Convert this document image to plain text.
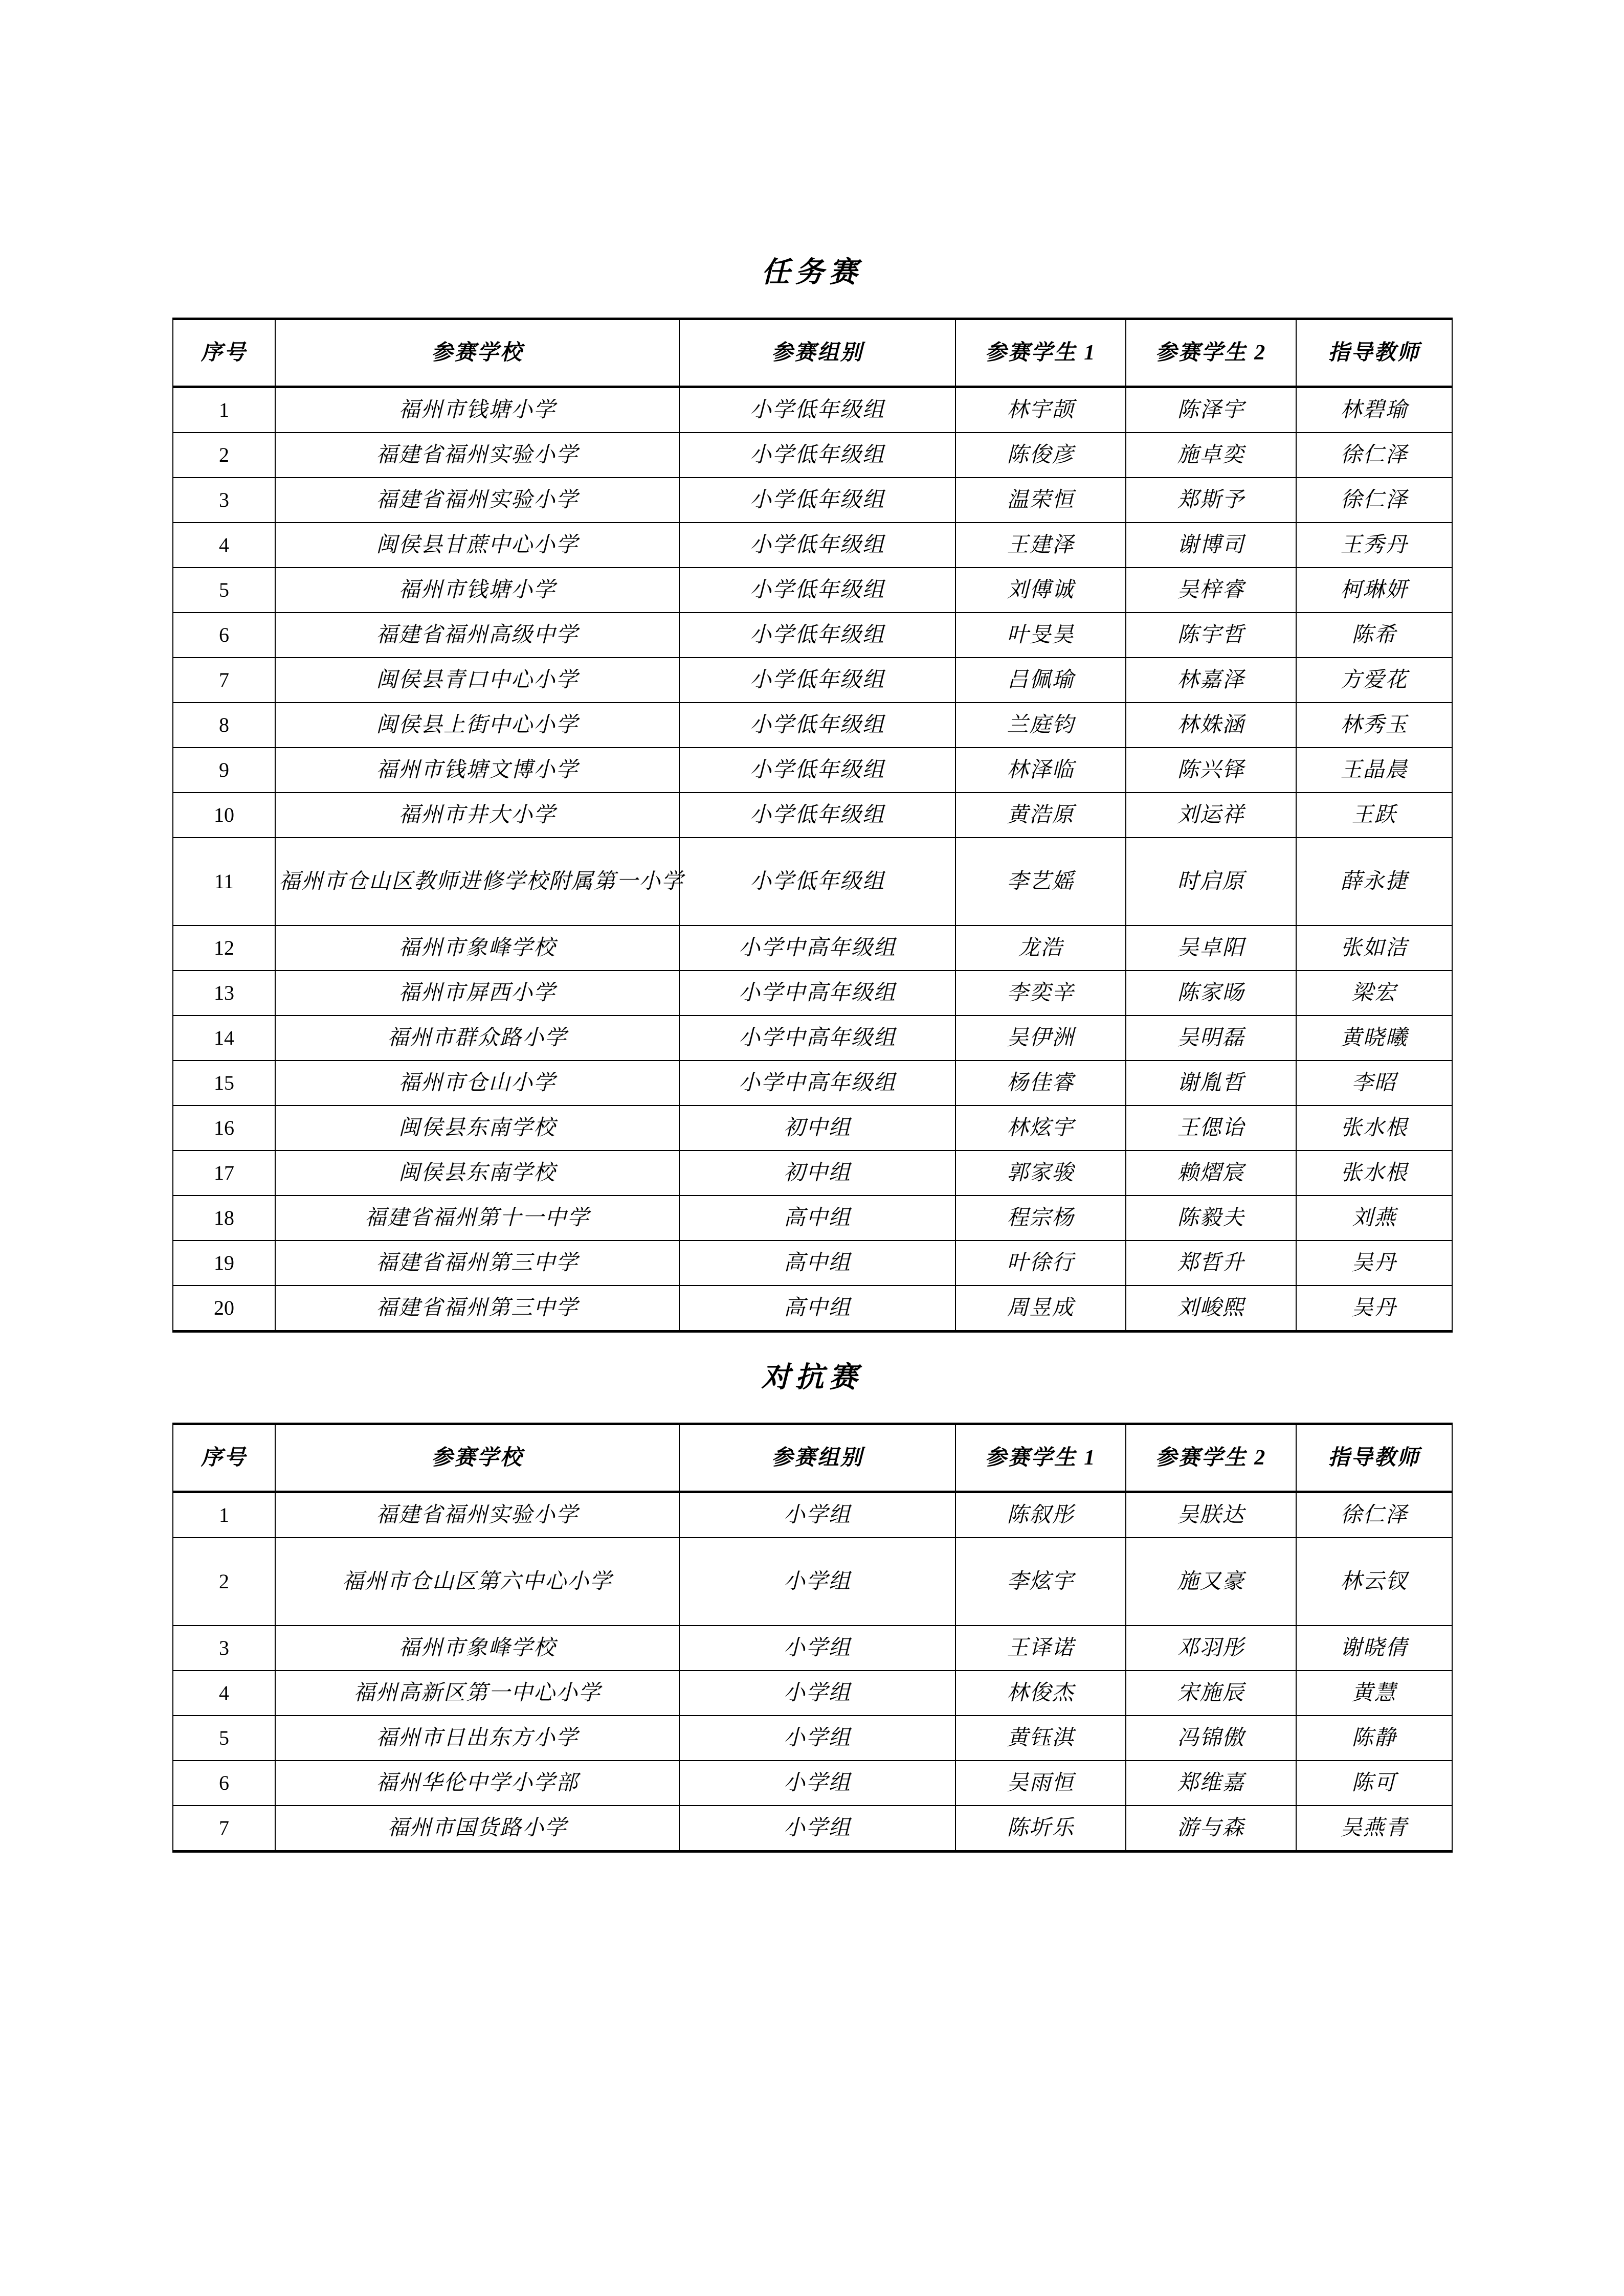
任务赛
序号	参赛学校	参赛组别	参赛学生 1	参赛学生 2	指导教师
1	福州市钱塘小学	小学低年级组	林宇颉	陈泽宇	林碧瑜
2	福建省福州实验小学	小学低年级组	陈俊彦	施卓奕	徐仁泽
3	福建省福州实验小学	小学低年级组	温荣恒	郑斯予	徐仁泽
4	闽侯县甘蔗中心小学	小学低年级组	王建泽	谢博司	王秀丹
5	福州市钱塘小学	小学低年级组	刘傅诚	吴梓睿	柯琳妍
6	福建省福州高级中学	小学低年级组	叶旻昊	陈宇哲	陈希
7	闽侯县青口中心小学	小学低年级组	吕佩瑜	林嘉泽	方爱花
8	闽侯县上街中心小学	小学低年级组	兰庭钧	林姝涵	林秀玉
9	福州市钱塘文博小学	小学低年级组	林泽临	陈兴铎	王晶晨
10	福州市井大小学	小学低年级组	黄浩原	刘运祥	王跃
11	福州市仓山区教师进修学校附属第一小学	小学低年级组	李艺媱	时启原	薛永捷
12	福州市象峰学校	小学中高年级组	龙浩	吴卓阳	张如洁
13	福州市屏西小学	小学中高年级组	李奕辛	陈家旸	梁宏
14	福州市群众路小学	小学中高年级组	吴伊洲	吴明磊	黄晓曦
15	福州市仓山小学	小学中高年级组	杨佳睿	谢胤哲	李昭
16	闽侯县东南学校	初中组	林炫宇	王偲诒	张水根
17	闽侯县东南学校	初中组	郭家骏	赖熠宸	张水根
18	福建省福州第十一中学	高中组	程宗杨	陈毅夫	刘燕
19	福建省福州第三中学	高中组	叶徐行	郑哲升	吴丹
20	福建省福州第三中学	高中组	周昱成	刘峻熙	吴丹
对抗赛
序号	参赛学校	参赛组别	参赛学生 1	参赛学生 2	指导教师
1	福建省福州实验小学	小学组	陈叙彤	吴朕达	徐仁泽
2	福州市仓山区第六中心小学	小学组	李炫宇	施又豪	林云钗
3	福州市象峰学校	小学组	王译诺	邓羽彤	谢晓倩
4	福州高新区第一中心小学	小学组	林俊杰	宋施辰	黄慧
5	福州市日出东方小学	小学组	黄钰淇	冯锦傲	陈静
6	福州华伦中学小学部	小学组	吴雨恒	郑维嘉	陈可
7	福州市国货路小学	小学组	陈圻乐	游与森	吴燕青
